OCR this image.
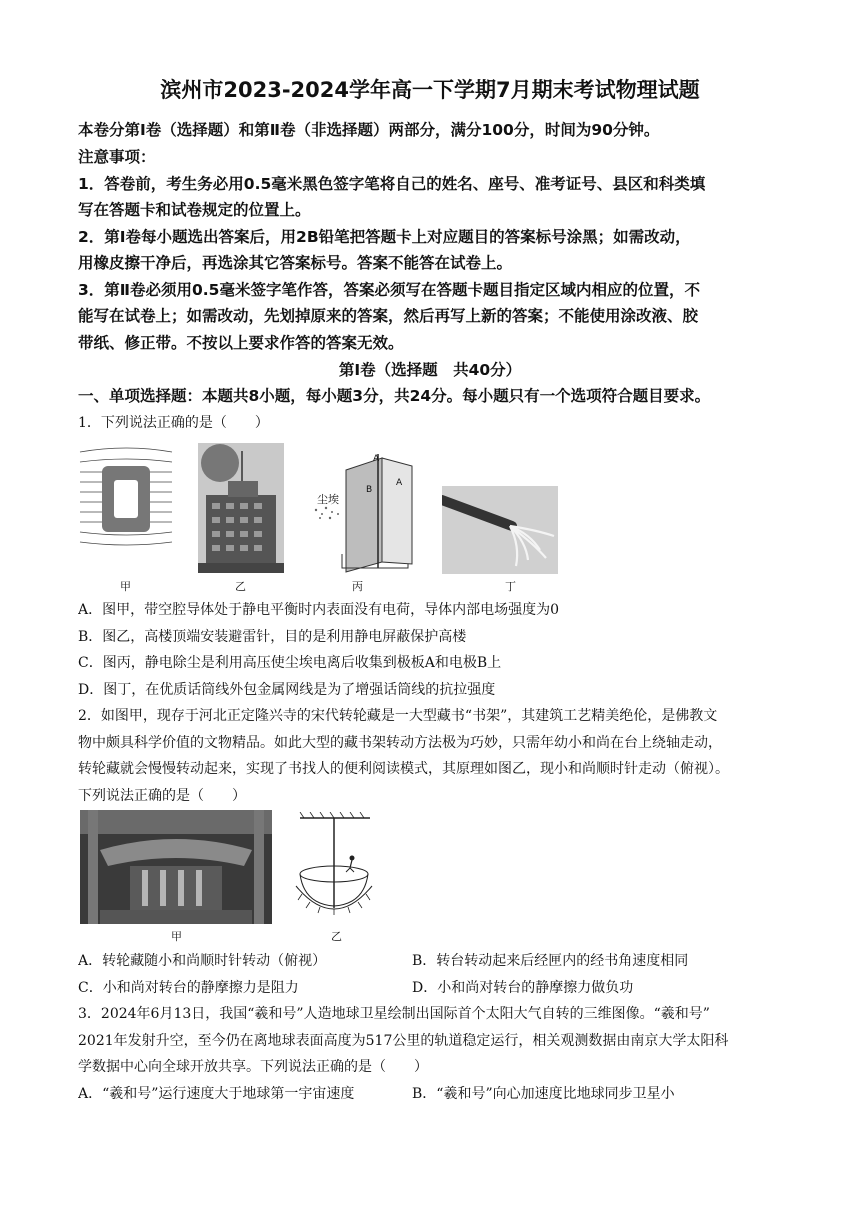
滨州市2023-2024学年高一下学期7月期末考试物理试题
本卷分第Ⅰ卷（选择题）和第Ⅱ卷（非选择题）两部分，满分100分，时间为90分钟。
注意事项：
1．答卷前，考生务必用0.5毫米黑色签字笔将自己的姓名、座号、准考证号、县区和科类填
写在答题卡和试卷规定的位置上。
2．第Ⅰ卷每小题选出答案后，用2B铅笔把答题卡上对应题目的答案标号涂黑；如需改动，
用橡皮擦干净后，再选涂其它答案标号。答案不能答在试卷上。
3．第Ⅱ卷必须用0.5毫米签字笔作答，答案必须写在答题卡题目指定区域内相应的位置，不
能写在试卷上；如需改动，先划掉原来的答案，然后再写上新的答案；不能使用涂改液、胶
带纸、修正带。不按以上要求作答的答案无效。
第Ⅰ卷（选择题　共40分）
一、单项选择题：本题共8小题，每小题3分，共24分。每小题只有一个选项符合题目要求。
1．下列说法正确的是（　　）
甲	乙
尘埃
A
B
A
丙	丁
A．图甲，带空腔导体处于静电平衡时内表面没有电荷，导体内部电场强度为0
B．图乙，高楼顶端安装避雷针，目的是利用静电屏蔽保护高楼
C．图丙，静电除尘是利用高压使尘埃电离后收集到极板A和电极B上
D．图丁，在优质话筒线外包金属网线是为了增强话筒线的抗拉强度
2．如图甲，现存于河北正定隆兴寺的宋代转轮藏是一大型藏书“书架”，其建筑工艺精美绝伦，是佛教文
物中颇具科学价值的文物精品。如此大型的藏书架转动方法极为巧妙，只需年幼小和尚在台上绕轴走动，
转轮藏就会慢慢转动起来，实现了书找人的便利阅读模式，其原理如图乙，现小和尚顺时针走动（俯视）。
下列说法正确的是（　　）
甲	乙
A．转轮藏随小和尚顺时针转动（俯视）	B．转台转动起来后经匣内的经书角速度相同
C．小和尚对转台的静摩擦力是阻力	D．小和尚对转台的静摩擦力做负功
3．2024年6月13日，我国“羲和号”人造地球卫星绘制出国际首个太阳大气自转的三维图像。“羲和号”
2021年发射升空，至今仍在离地球表面高度为517公里的轨道稳定运行，相关观测数据由南京大学太阳科
学数据中心向全球开放共享。下列说法正确的是（　　）
A．“羲和号”运行速度大于地球第一宇宙速度	B．“羲和号”向心加速度比地球同步卫星小
